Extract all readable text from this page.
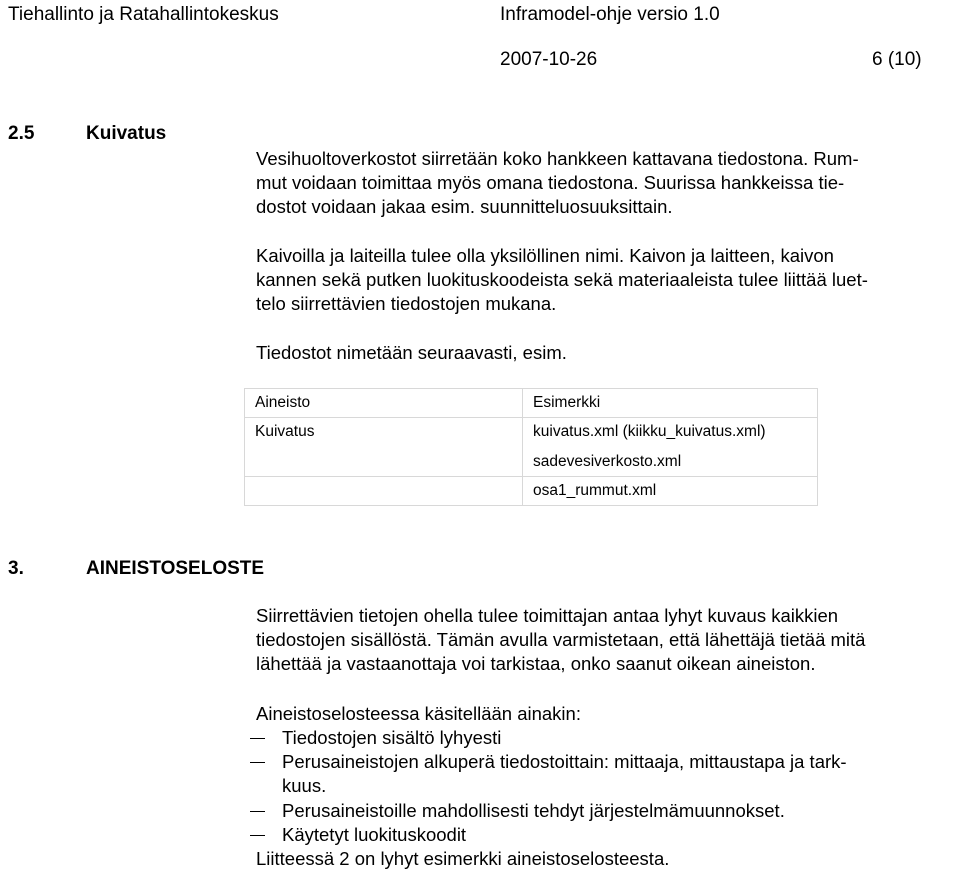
Tiehallinto ja Ratahallintokeskus	Inframodel-ohje versio 1.0
2007-10-26	6 (10)
2.5	Kuivatus
Vesihuoltoverkostot siirretään koko hankkeen kattavana tiedostona. Rum-
mut voidaan toimittaa myös omana tiedostona. Suurissa hankkeissa tie-
dostot voidaan jakaa esim. suunnitteluosuuksittain.
Kaivoilla ja laiteilla tulee olla yksilöllinen nimi. Kaivon ja laitteen, kaivon
kannen sekä putken luokituskoodeista sekä materiaaleista tulee liittää luet-
telo siirrettävien tiedostojen mukana.
Tiedostot nimetään seuraavasti, esim.
Aineisto	Esimerkki
Kuivatus	kuivatus.xml (kiikku_kuivatus.xml)
sadevesiverkosto.xml

	osa1_rummut.xml
3.	AINEISTOSELOSTE
Siirrettävien tietojen ohella tulee toimittajan antaa lyhyt kuvaus kaikkien
tiedostojen sisällöstä. Tämän avulla varmistetaan, että lähettäjä tietää mitä
lähettää ja vastaanottaja voi tarkistaa, onko saanut oikean aineiston.
Aineistoselosteessa käsitellään ainakin:
Tiedostojen sisältö lyhyesti
Perusaineistojen alkuperä tiedostoittain: mittaaja, mittaustapa ja tark-
kuus.
Perusaineistoille mahdollisesti tehdyt järjestelmämuunnokset.
Käytetyt luokituskoodit
Liitteessä 2 on lyhyt esimerkki aineistoselosteesta.
